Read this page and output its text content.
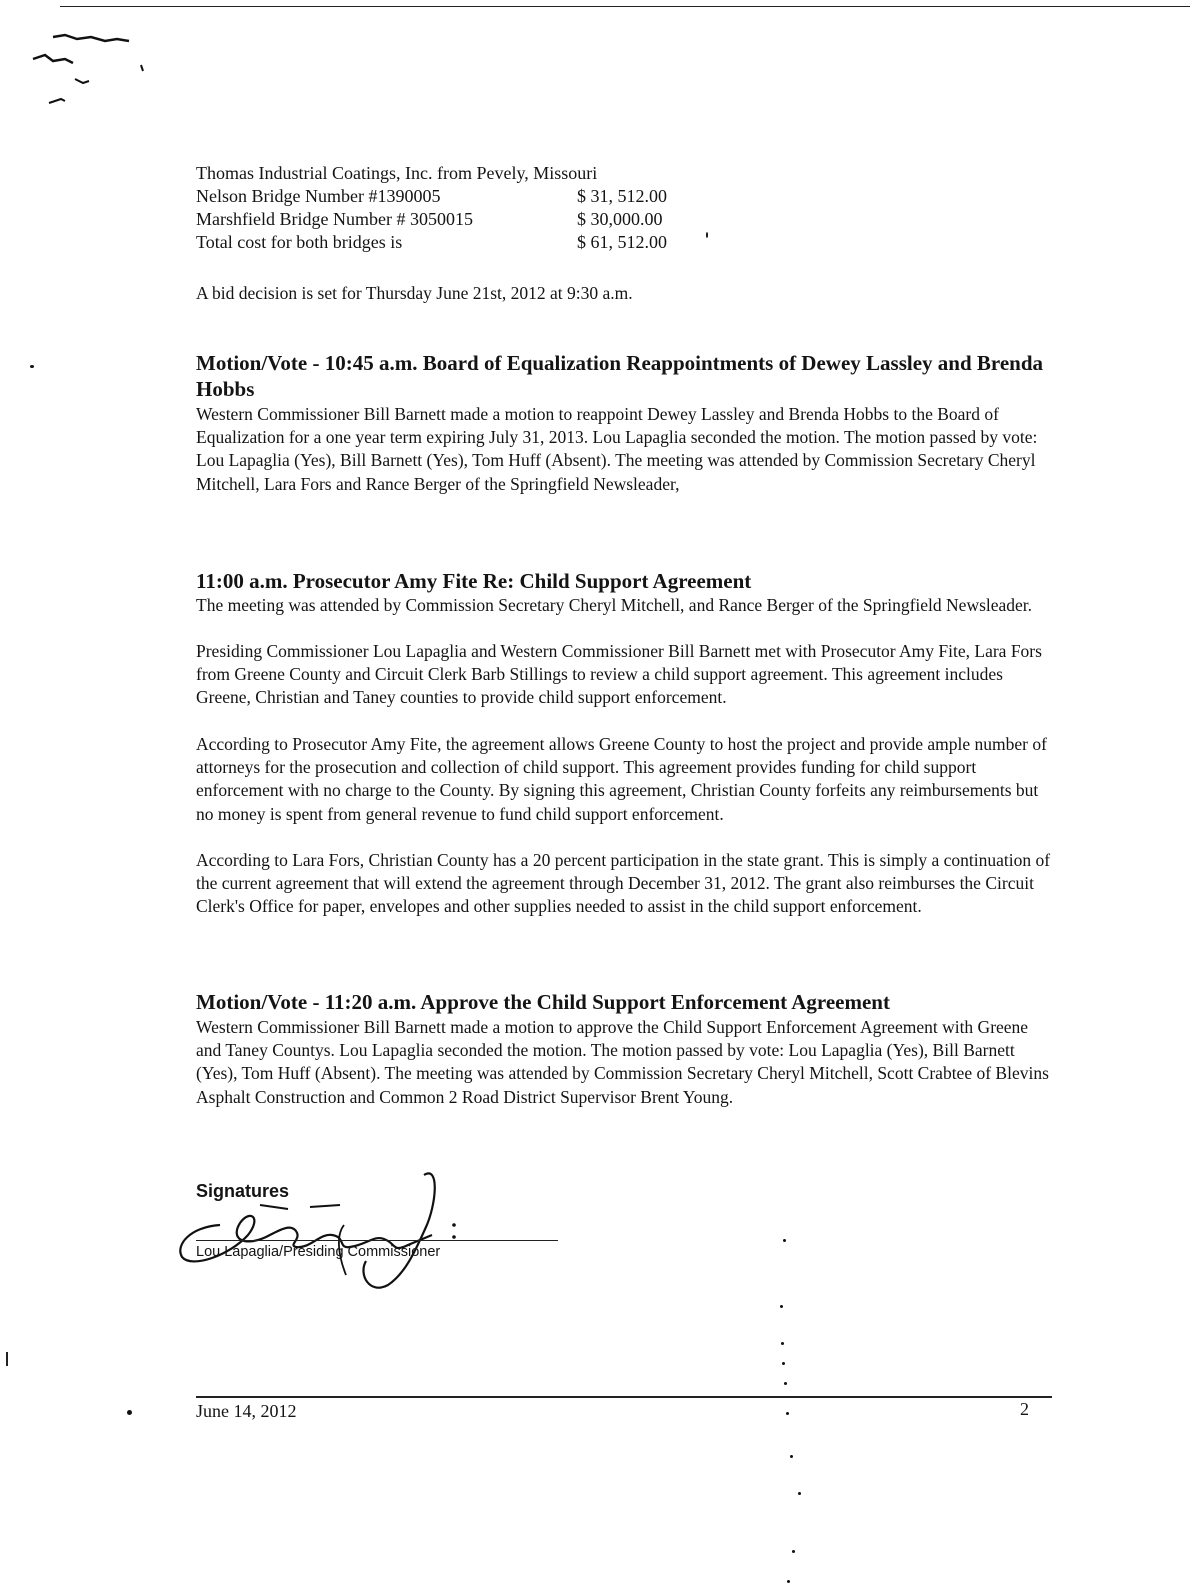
Thomas Industrial Coatings, Inc. from Pevely, Missouri
Nelson Bridge Number #1390005	$ 31, 512.00
Marshfield Bridge Number # 3050015	$ 30,000.00
Total cost for both bridges is	$ 61, 512.00

A bid decision is set for Thursday June 21st, 2012 at 9:30 a.m.

Motion/Vote - 10:45 a.m. Board of Equalization Reappointments of Dewey Lassley and Brenda Hobbs

Western Commissioner Bill Barnett made a motion to reappoint Dewey Lassley and Brenda Hobbs to the Board of Equalization for a one year term expiring July 31, 2013. Lou Lapaglia seconded the motion. The motion passed by vote: Lou Lapaglia (Yes), Bill Barnett (Yes), Tom Huff (Absent). The meeting was attended by Commission Secretary Cheryl Mitchell, Lara Fors and Rance Berger of the Springfield Newsleader,

11:00 a.m. Prosecutor Amy Fite Re: Child Support Agreement

The meeting was attended by Commission Secretary Cheryl Mitchell, and Rance Berger of the Springfield Newsleader.

Presiding Commissioner Lou Lapaglia and Western Commissioner Bill Barnett met with Prosecutor Amy Fite, Lara Fors from Greene County and Circuit Clerk Barb Stillings to review a child support agreement. This agreement includes Greene, Christian and Taney counties to provide child support enforcement.

According to Prosecutor Amy Fite, the agreement allows Greene County to host the project and provide ample number of attorneys for the prosecution and collection of child support. This agreement provides funding for child support enforcement with no charge to the County. By signing this agreement, Christian County forfeits any reimbursements but no money is spent from general revenue to fund child support enforcement.

According to Lara Fors, Christian County has a 20 percent participation in the state grant. This is simply a continuation of the current agreement that will extend the agreement through December 31, 2012. The grant also reimburses the Circuit Clerk's Office for paper, envelopes and other supplies needed to assist in the child support enforcement.

Motion/Vote - 11:20 a.m. Approve the Child Support Enforcement Agreement

Western Commissioner Bill Barnett made a motion to approve the Child Support Enforcement Agreement with Greene and Taney Countys. Lou Lapaglia seconded the motion. The motion passed by vote: Lou Lapaglia (Yes), Bill Barnett (Yes), Tom Huff (Absent). The meeting was attended by Commission Secretary Cheryl Mitchell, Scott Crabtee of Blevins Asphalt Construction and Common 2 Road District Supervisor Brent Young.

Signatures
Lou Lapaglia/Presiding Commissioner
June 14, 2012	2
